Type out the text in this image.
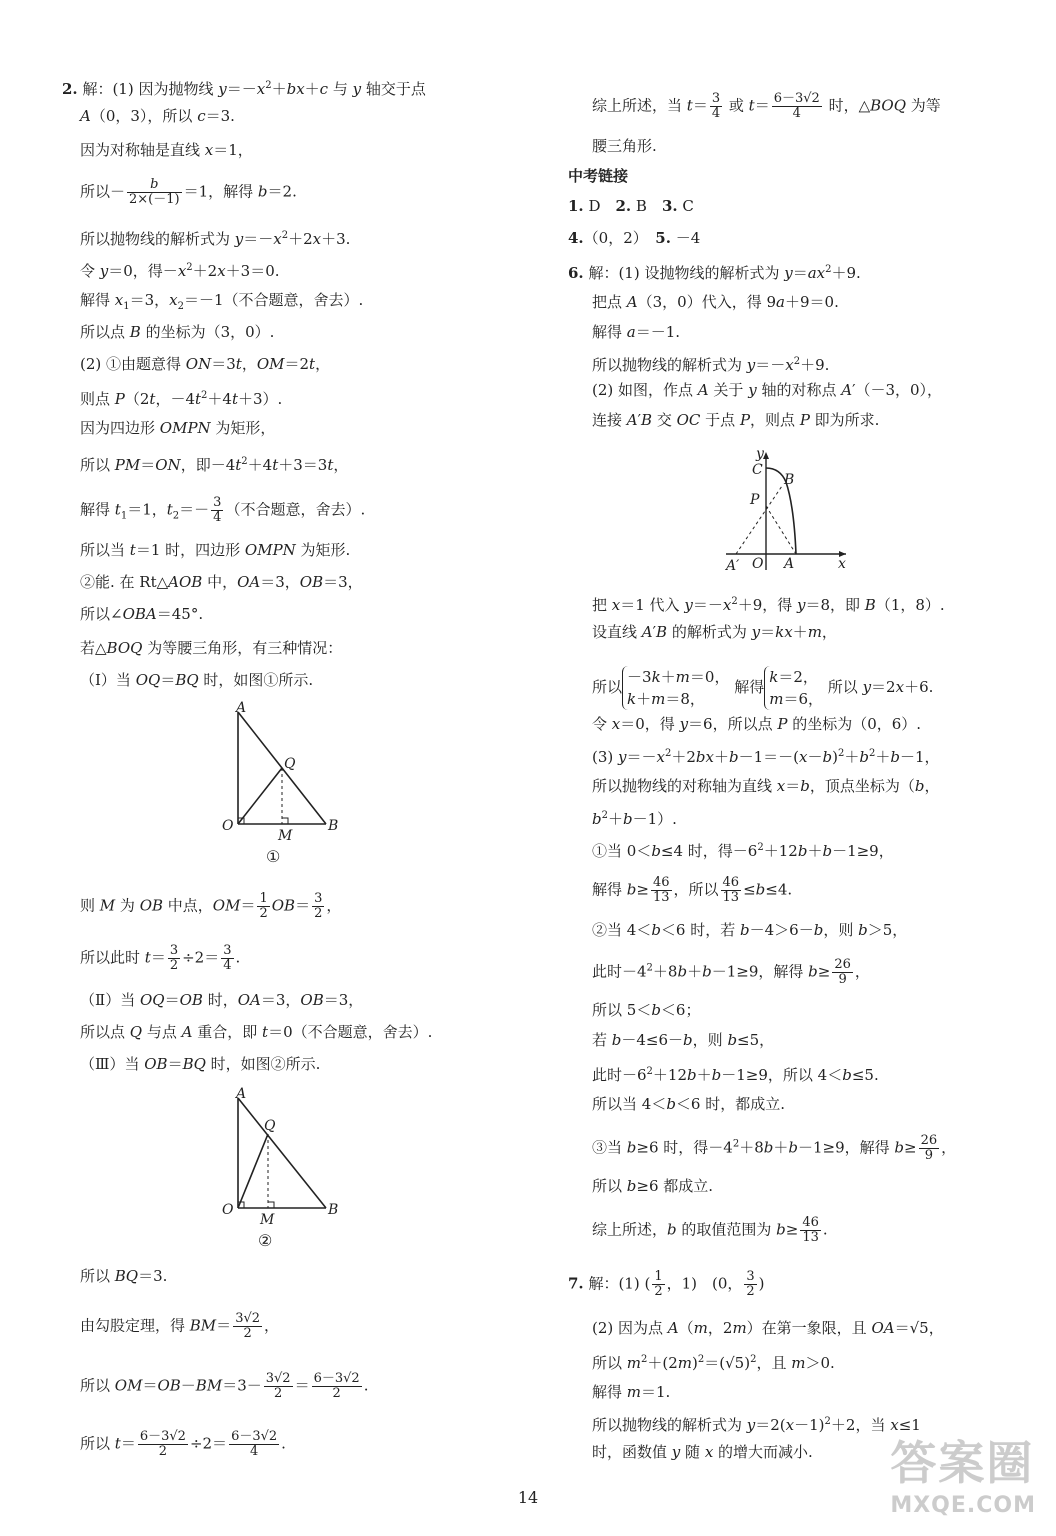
2. 解：(1) 因为抛物线 $y=-x^2+bx+c$ 与 y 轴交于点
A（0，3），所以 c＝3.
因为对称轴是直线 x＝1，
所以－ $\frac{b}{2\times(-1)} =1$，解得 b＝2.
所以抛物线的解析式为 $y=-x^2+2x+3$.
令 y＝0，得$-x^2+2x+3=0$.
解得 $x_1=3$，$x_2=-1$（不合题意，舍去）.
所以点 B 的坐标为（3，0）.
(2) ①由题意得 ON＝3t，OM＝2t，
则点 P（2t，$-4t^2+4t+3$）.
因为四边形 OMPN 为矩形，
所以 PM＝ON，即$-4t^2+4t+3=3t$，
解得 $t_1=1$，$t_2=- \frac{3}{4}$ （不合题意，舍去）.
所以当 t＝1 时，四边形 OMPN 为矩形.
②能. 在 Rt△AOB 中，OA＝3，OB＝3，
所以∠OBA＝45°.
若△BOQ 为等腰三角形，有三种情况：
（Ⅰ）当 OQ＝BQ 时，如图①所示.
则 M 为 OB 中点，$OM= \frac{1}{2} OB= \frac{3}{2}$ ，
所以此时 $t= \frac{3}{2} \div 2= \frac{3}{4}$ .
（Ⅱ）当 OQ＝OB 时，OA＝3，OB＝3，
所以点 Q 与点 A 重合，即 t＝0（不合题意，舍去）.
（Ⅲ）当 OB＝BQ 时，如图②所示.
所以 BQ＝3.
由勾股定理，得 $BM= \frac{3√2}{2}$ ，
所以 $OM=OB-BM=3- \frac{3√2}{2} = \frac{6-3√2}{2}$ .
所以 $t= \frac{6-3√2}{2} \div 2= \frac{6-3√2}{4}$ .
综上所述，当 $t= \frac{3}{4}$ 或 $t= \frac{6-3√2}{4}$ 时，△BOQ 为等
腰三角形.
中考链接
1. D　2. B　3. C
4.（0，2）　5. －4
6. 解：(1) 设抛物线的解析式为 $y=ax^2+9$.
把点 A（3，0）代入，得 9a＋9＝0.
解得 a＝－1.
所以抛物线的解析式为 $y=-x^2+9$.
(2) 如图，作点 A 关于 y 轴的对称点 A′（－3，0），
连接 A′B 交 OC 于点 P，则点 P 即为所求.
把 x＝1 代入 $y=-x^2+9$，得 y＝8，即 B（1，8）.
设直线 A′B 的解析式为 y＝kx＋m，
所以－3k＋m＝0，
k＋m＝8， 解得k＝2，
m＝6， 所以 y＝2x＋6.
令 x＝0，得 y＝6，所以点 P 的坐标为（0，6）.
(3) $y=-x^2+2bx+b-1=-(x-b)^2+b^2+b-1$，
所以抛物线的对称轴为直线 x＝b，顶点坐标为（b，
$b^2+b-1$）.
①当 0＜b≤4 时，得$-6^2+12b+b-1\ge 9$，
解得 $b\ge \frac{46}{13}$ ，所以 $\frac{46}{13} \le b\le 4$.
②当 4＜b＜6 时，若 b－4＞6－b，则 b＞5，
此时$-4^2+8b+b-1\ge 9$，解得 $b\ge \frac{26}{9}$ ，
所以 5＜b＜6；
若 b－4≤6－b，则 b≤5，
此时$-6^2+12b+b-1\ge 9$，所以 4＜b≤5.
所以当 4＜b＜6 时，都成立.
③当 b≥6 时，得$-4^2+8b+b-1\ge 9$，解得 $b\ge \frac{26}{9}$ ，
所以 b≥6 都成立.
综上所述，b 的取值范围为 $b\ge \frac{46}{13}$ .
7. 解：(1) ( $\frac{1}{2}$ ，1)　(0， $\frac{3}{2}$ )
(2) 因为点 A（m，2m）在第一象限，且 OA＝√5，
所以 $m^2+(2m)^2=(√5)^2$，且 m＞0.
解得 m＝1.
所以抛物线的解析式为 $y=2(x-1)^2+2$，当 x≤1
时，函数值 y 随 x 的增大而减小.
A
Q
O
M
B
①
A
Q
O
M
B
②
y
C
B
P
A′ O A	x
14
答案圈
MXQE.COM
